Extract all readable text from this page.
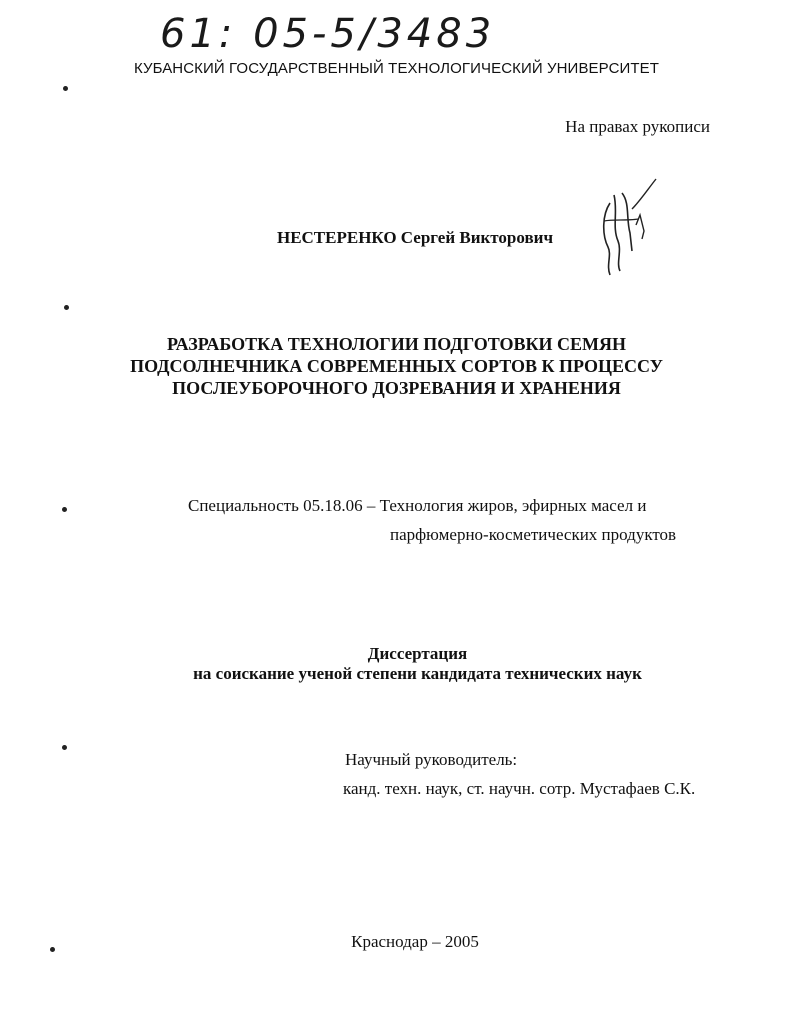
61: 05-5/3483
КУБАНСКИЙ ГОСУДАРСТВЕННЫЙ ТЕХНОЛОГИЧЕСКИЙ УНИВЕРСИТЕТ
На правах рукописи
НЕСТЕРЕНКО Сергей Викторович
РАЗРАБОТКА ТЕХНОЛОГИИ ПОДГОТОВКИ СЕМЯН
ПОДСОЛНЕЧНИКА СОВРЕМЕННЫХ СОРТОВ К ПРОЦЕССУ
ПОСЛЕУБОРОЧНОГО ДОЗРЕВАНИЯ И ХРАНЕНИЯ
Специальность 05.18.06 – Технология жиров, эфирных масел и
парфюмерно-косметических продуктов
Диссертация
на соискание ученой степени кандидата технических наук
Научный руководитель:
канд. техн. наук, ст. научн. сотр. Мустафаев С.К.
Краснодар – 2005
